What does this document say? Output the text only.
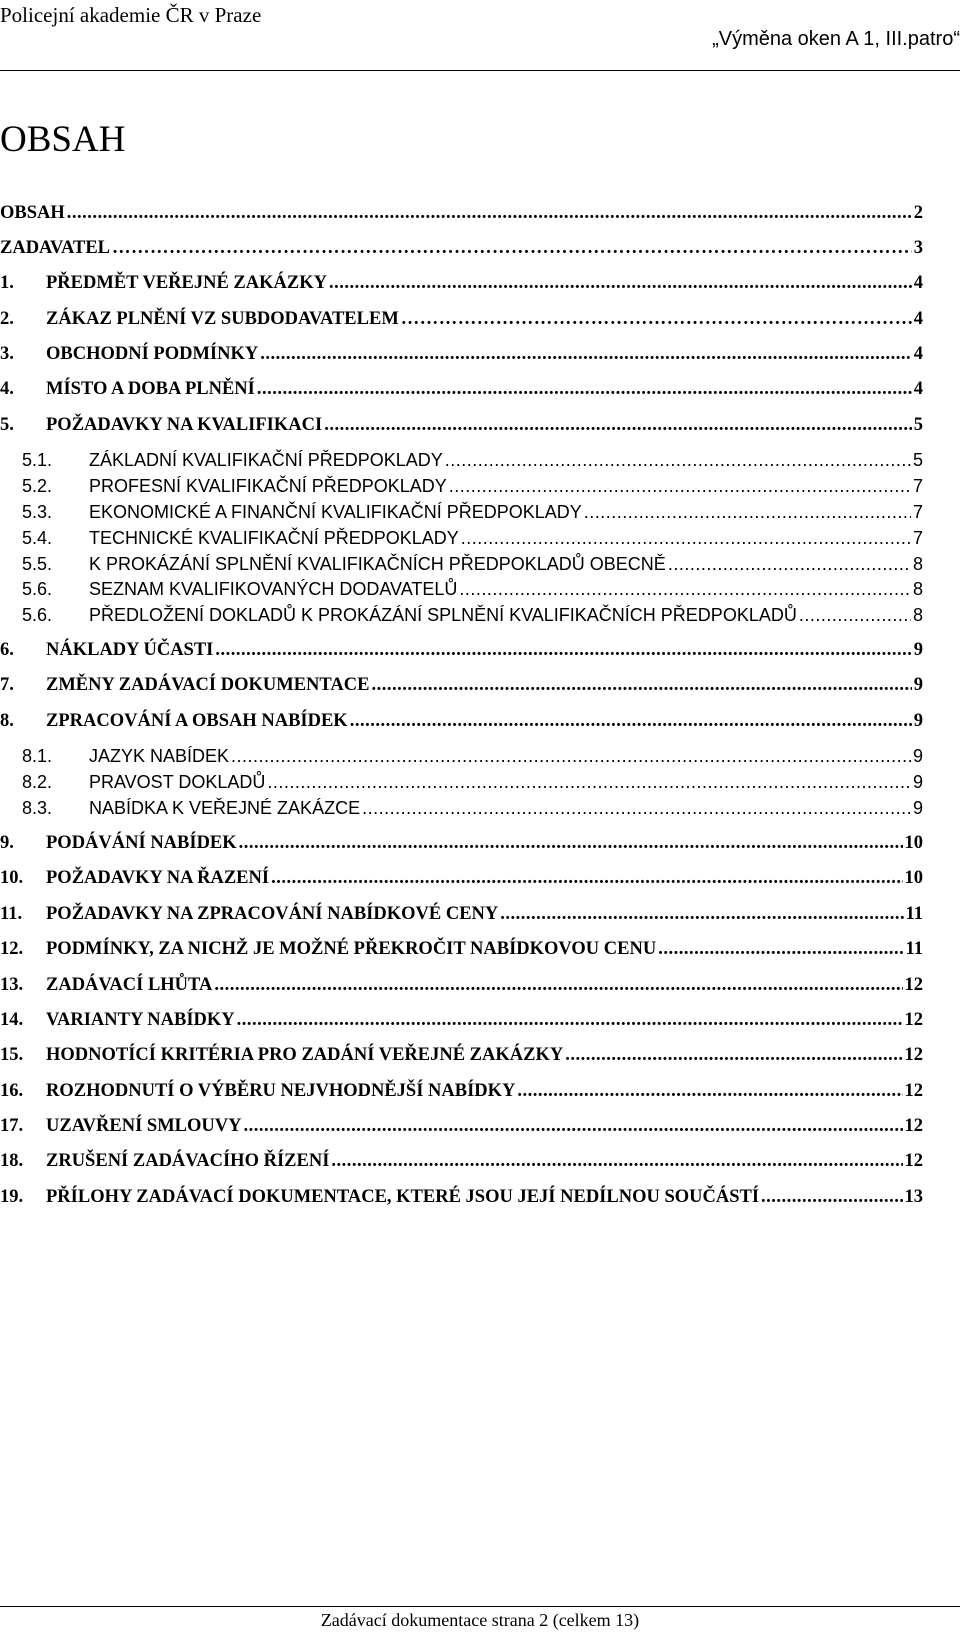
Policejní akademie ČR v Praze
„Výměna oken A 1, III.patro“
OBSAH
OBSAH .....	2
ZADAVATEL …………………………………………………………………………………………………………………………………………………………………	3
1.	PŘEDMĚT VEŘEJNÉ ZAKÁZKY .....	4
2.	ZÁKAZ PLNĚNÍ VZ SUBDODAVATELEM …………………………………………………………………………………………………………………………………………………………………	4
3.	OBCHODNÍ PODMÍNKY .....	4
4.	MÍSTO A DOBA PLNĚNÍ .....	4
5.	POŽADAVKY NA KVALIFIKACI .....	5
5.1.	ZÁKLADNÍ KVALIFIKAČNÍ PŘEDPOKLADY .....	5
5.2.	PROFESNÍ KVALIFIKAČNÍ PŘEDPOKLADY .....	7
5.3.	EKONOMICKÉ A FINANČNÍ KVALIFIKAČNÍ PŘEDPOKLADY .....	7
5.4.	TECHNICKÉ KVALIFIKAČNÍ PŘEDPOKLADY .....	7
5.5.	K PROKÁZÁNÍ SPLNĚNÍ KVALIFIKAČNÍCH PŘEDPOKLADŮ OBECNĚ .....	8
5.6.	SEZNAM KVALIFIKOVANÝCH DODAVATELŮ .....	8
5.6.	PŘEDLOŽENÍ DOKLADŮ K PROKÁZÁNÍ SPLNĚNÍ KVALIFIKAČNÍCH PŘEDPOKLADŮ .....	8
6.	NÁKLADY ÚČASTI .....	9
7.	ZMĚNY ZADÁVACÍ DOKUMENTACE .....	9
8.	ZPRACOVÁNÍ A OBSAH NABÍDEK .....	9
8.1.	JAZYK NABÍDEK .....	9
8.2.	PRAVOST DOKLADŮ .....	9
8.3.	NABÍDKA K VEŘEJNÉ ZAKÁZCE .....	9
9.	PODÁVÁNÍ NABÍDEK .....	10
10.	POŽADAVKY NA ŘAZENÍ .....	10
11.	POŽADAVKY NA ZPRACOVÁNÍ NABÍDKOVÉ CENY .....	11
12.	PODMÍNKY, ZA NICHŽ JE MOŽNÉ PŘEKROČIT NABÍDKOVOU CENU .....	11
13.	ZADÁVACÍ LHŮTA .....	12
14.	VARIANTY NABÍDKY .....	12
15.	HODNOTÍCÍ KRITÉRIA PRO ZADÁNÍ VEŘEJNÉ ZAKÁZKY .....	12
16.	ROZHODNUTÍ O VÝBĚRU NEJVHODNĚJŠÍ NABÍDKY .....	12
17.	UZAVŘENÍ SMLOUVY .....	12
18.	ZRUŠENÍ ZADÁVACÍHO ŘÍZENÍ .....	12
19.	PŘÍLOHY ZADÁVACÍ DOKUMENTACE, KTERÉ JSOU JEJÍ NEDÍLNOU SOUČÁSTÍ .....	13
Zadávací dokumentace strana 2 (celkem 13)
